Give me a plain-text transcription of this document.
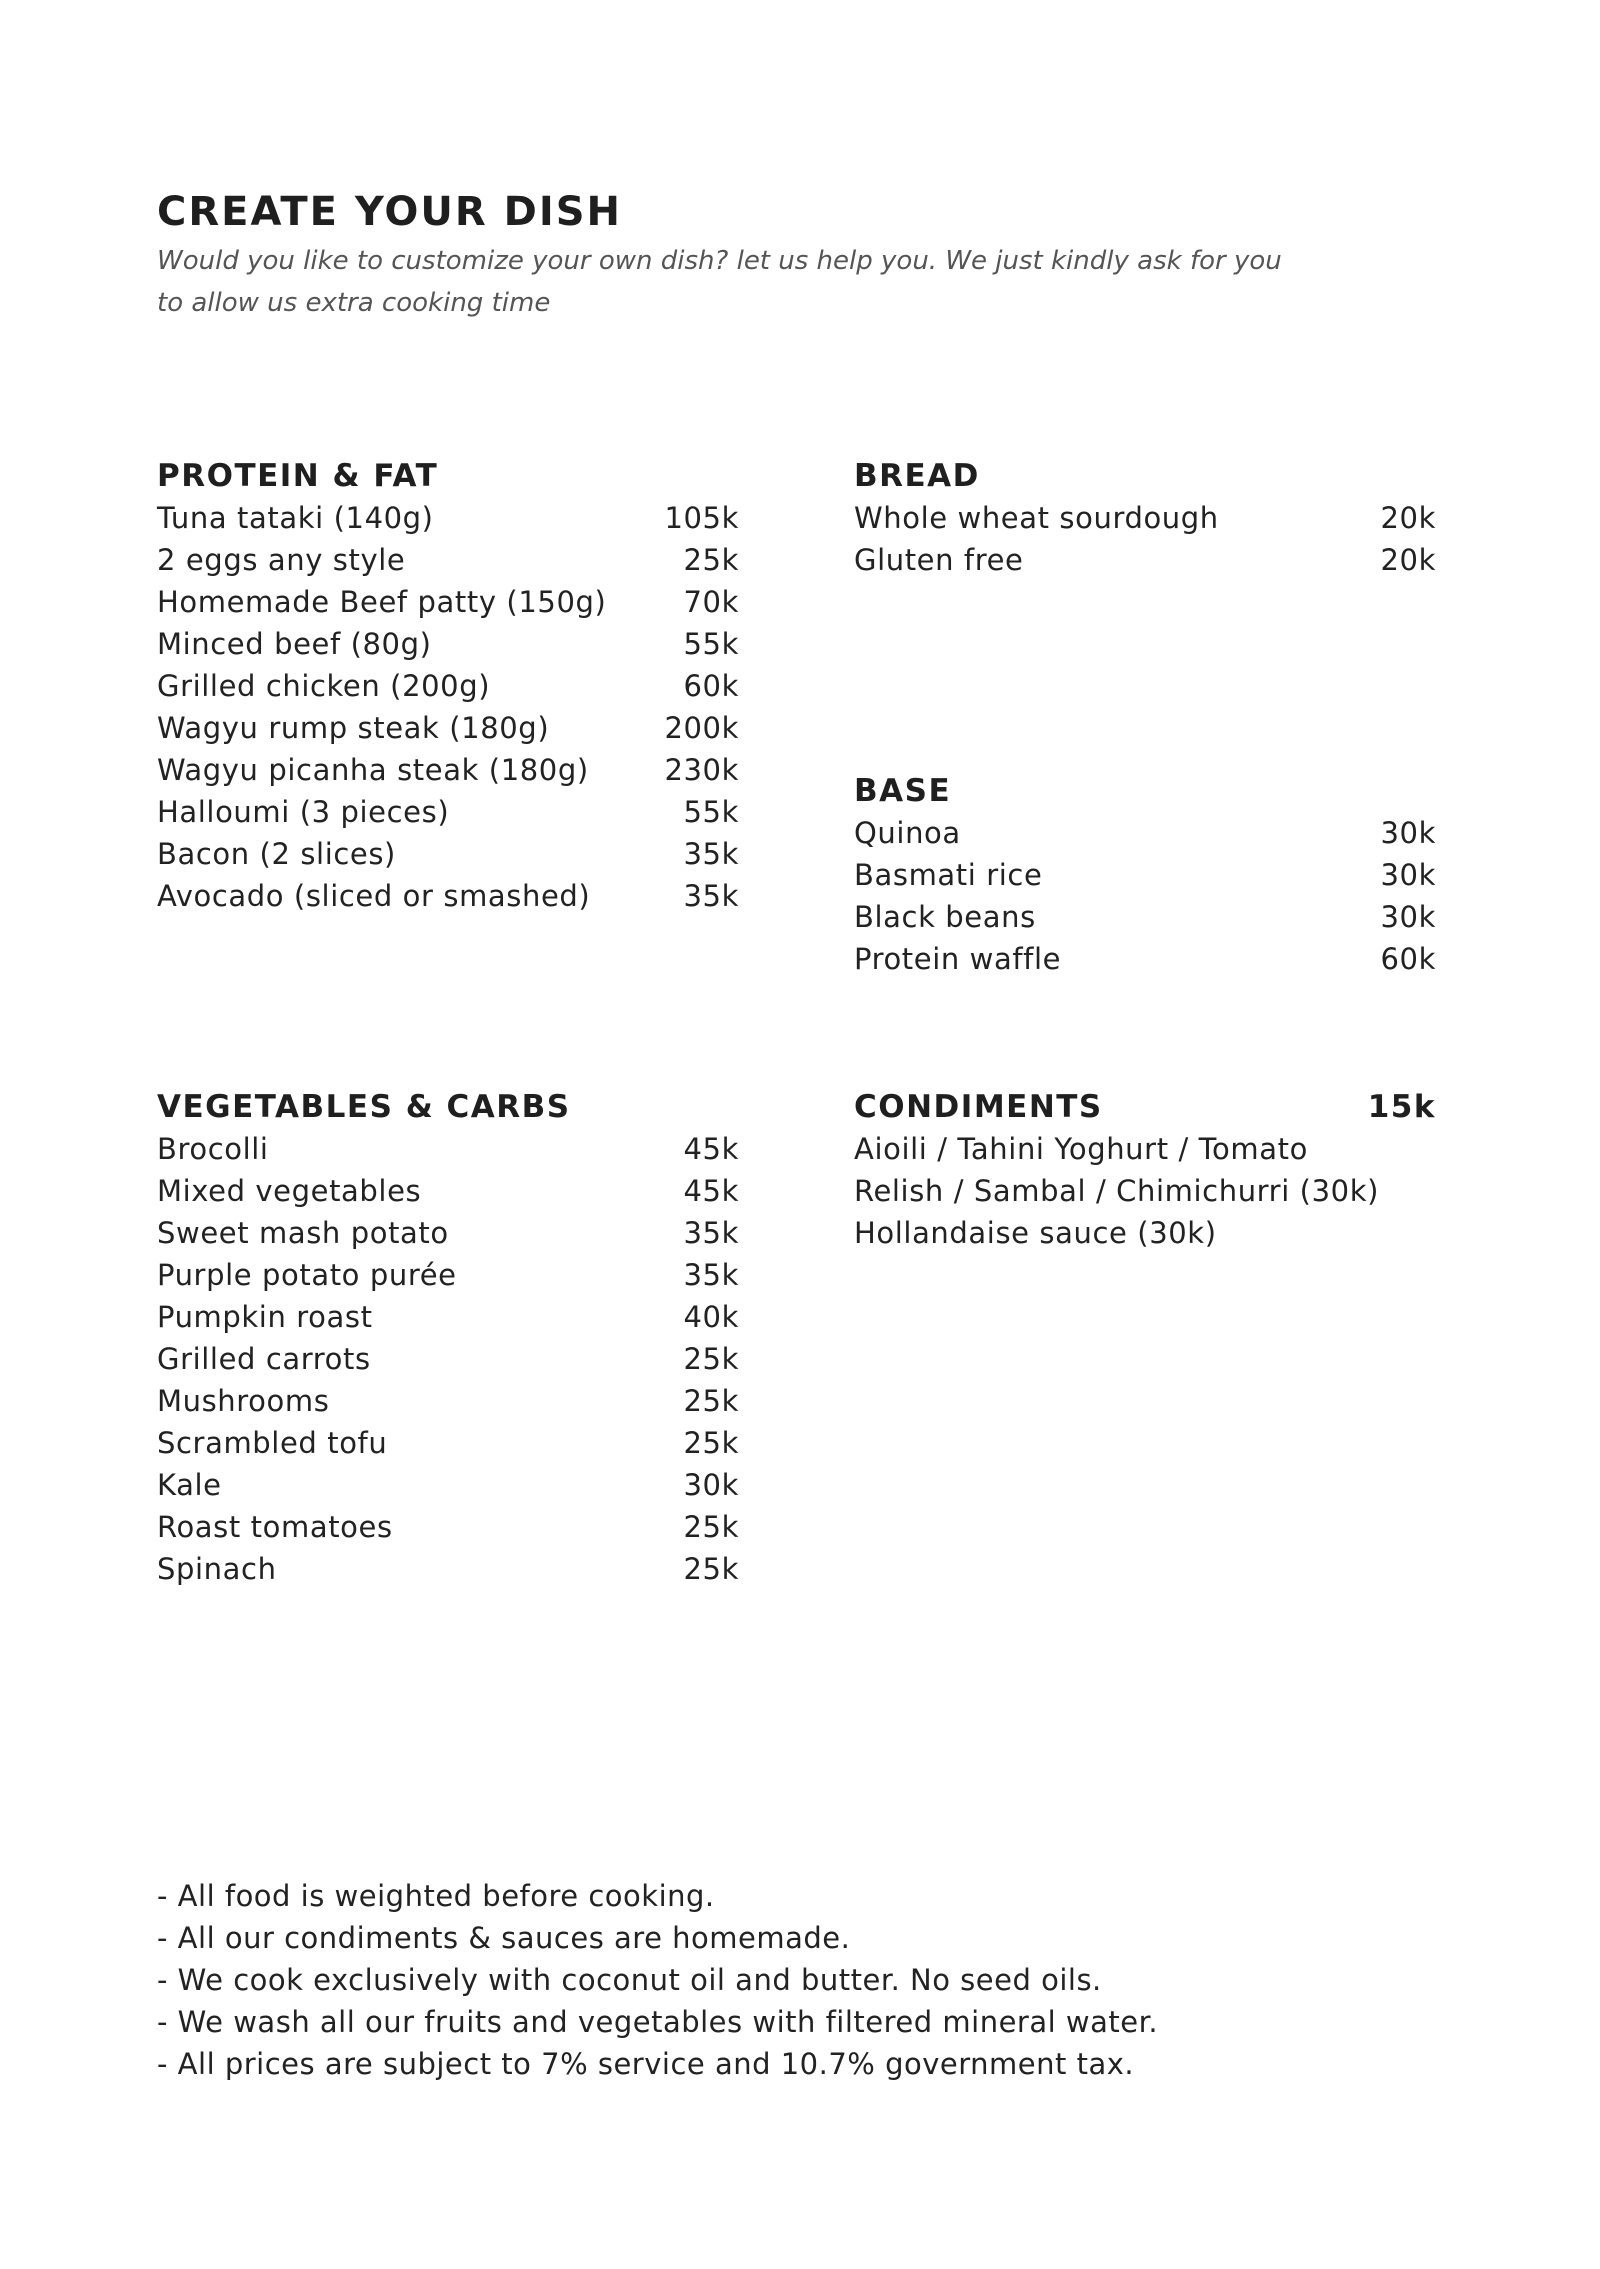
CREATE YOUR DISH

Would you like to customize your own dish? let us help you. We just kindly ask for you
to allow us extra cooking time

PROTEIN & FAT
Tuna tataki (140g)	105k
2 eggs any style	25k
Homemade Beef patty (150g)	70k
Minced beef (80g)	55k
Grilled chicken (200g)	60k
Wagyu rump steak (180g)	200k
Wagyu picanha steak (180g)	230k
Halloumi (3 pieces)	55k
Bacon (2 slices)	35k
Avocado (sliced or smashed)	35k
BREAD
Whole wheat sourdough	20k
Gluten free	20k
BASE
Quinoa	30k
Basmati rice	30k
Black beans	30k
Protein waffle	60k
VEGETABLES & CARBS
Brocolli	45k
Mixed vegetables	45k
Sweet mash potato	35k
Purple potato purée	35k
Pumpkin roast	40k
Grilled carrots	25k
Mushrooms	25k
Scrambled tofu	25k
Kale	30k
Roast tomatoes	25k
Spinach	25k
CONDIMENTS	15k
Aioili / Tahini Yoghurt / Tomato
Relish / Sambal / Chimichurri (30k)
Hollandaise sauce (30k)
- All food is weighted before cooking.
- All our condiments & sauces are homemade.
- We cook exclusively with coconut oil and butter. No seed oils.
- We wash all our fruits and vegetables with filtered mineral water.
- All prices are subject to 7% service and 10.7% government tax.
